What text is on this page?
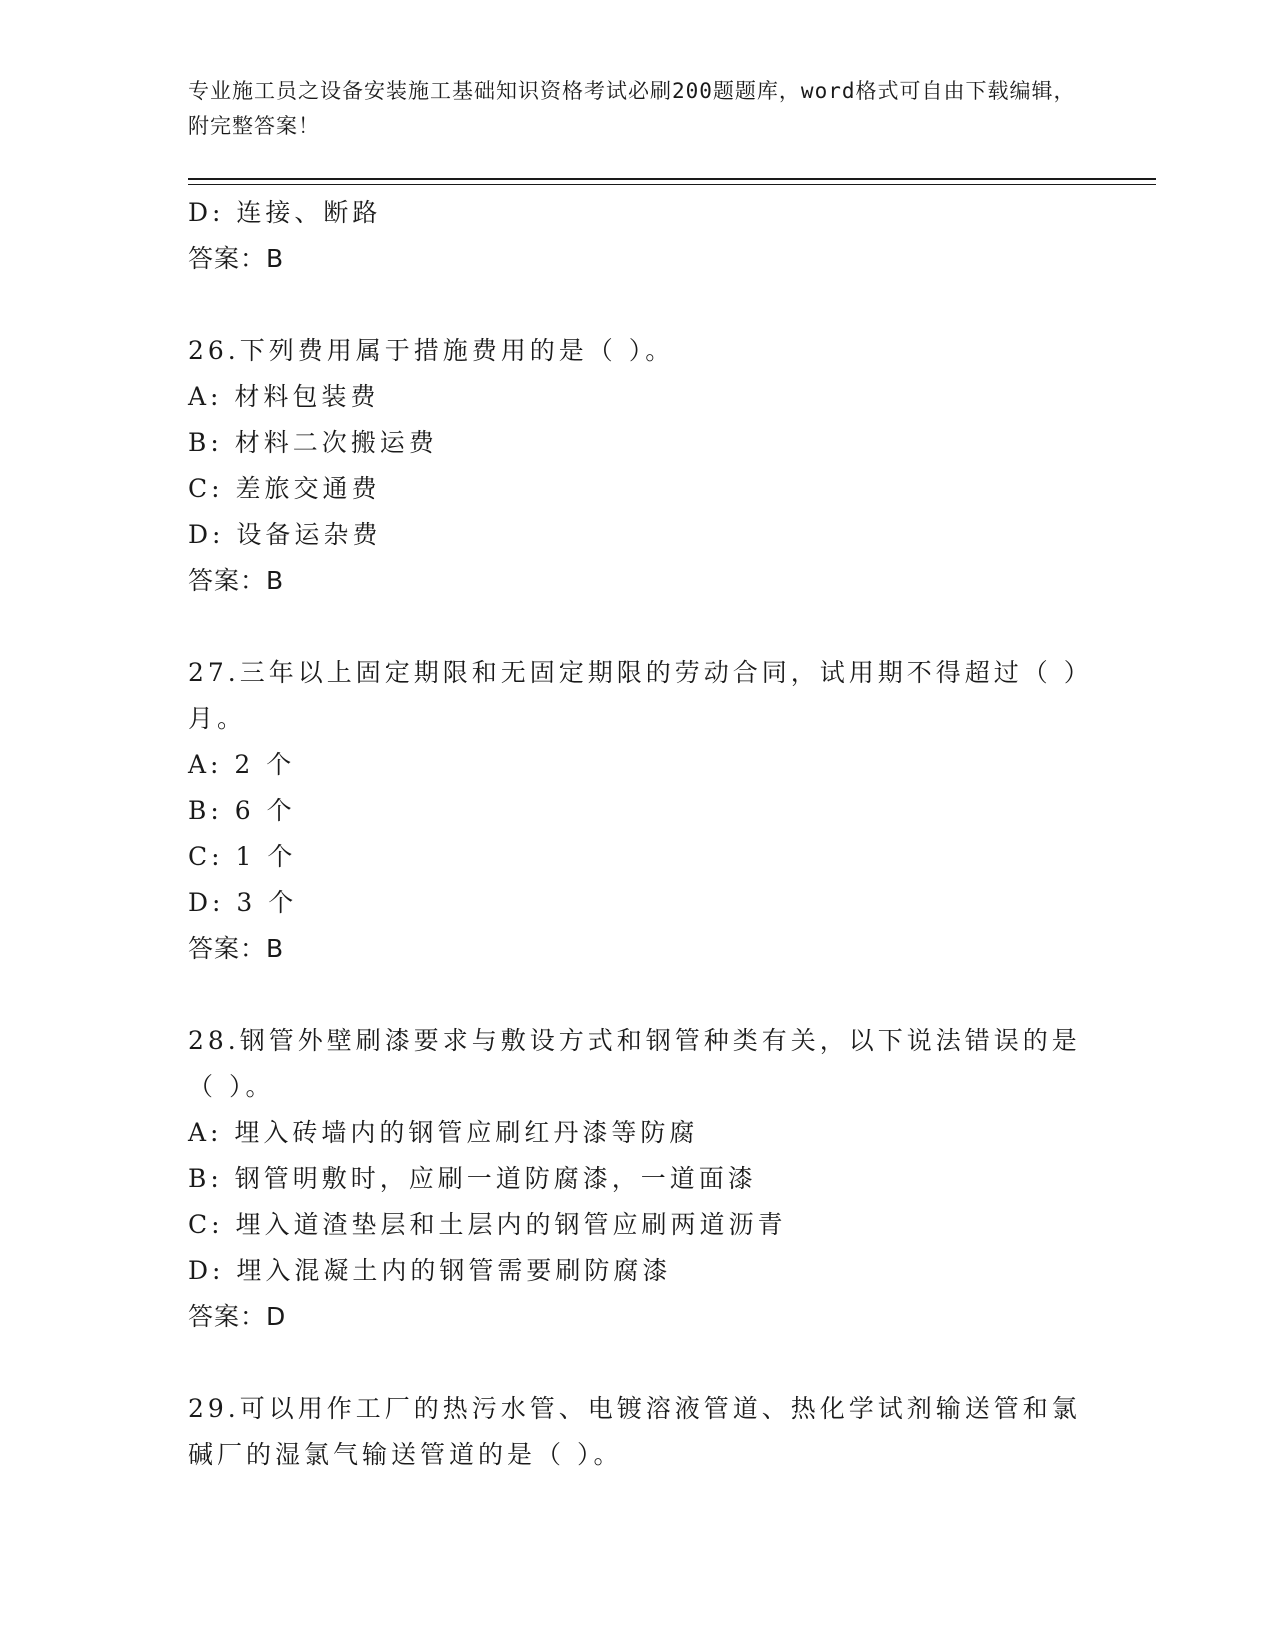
专业施工员之设备安装施工基础知识资格考试必刷200题题库，word格式可自由下载编辑，附完整答案！
D: 连接、断路
答案：B
26.下列费用属于措施费用的是（ ）。
A: 材料包装费
B: 材料二次搬运费
C: 差旅交通费
D: 设备运杂费
答案：B
27.三年以上固定期限和无固定期限的劳动合同，试用期不得超过（ ）月。
A: 2 个
B: 6 个
C: 1 个
D: 3 个
答案：B
28.钢管外壁刷漆要求与敷设方式和钢管种类有关，以下说法错误的是（ ）。
A: 埋入砖墙内的钢管应刷红丹漆等防腐
B: 钢管明敷时，应刷一道防腐漆，一道面漆
C: 埋入道渣垫层和土层内的钢管应刷两道沥青
D: 埋入混凝土内的钢管需要刷防腐漆
答案：D
29.可以用作工厂的热污水管、电镀溶液管道、热化学试剂输送管和氯碱厂的湿氯气输送管道的是（ ）。
